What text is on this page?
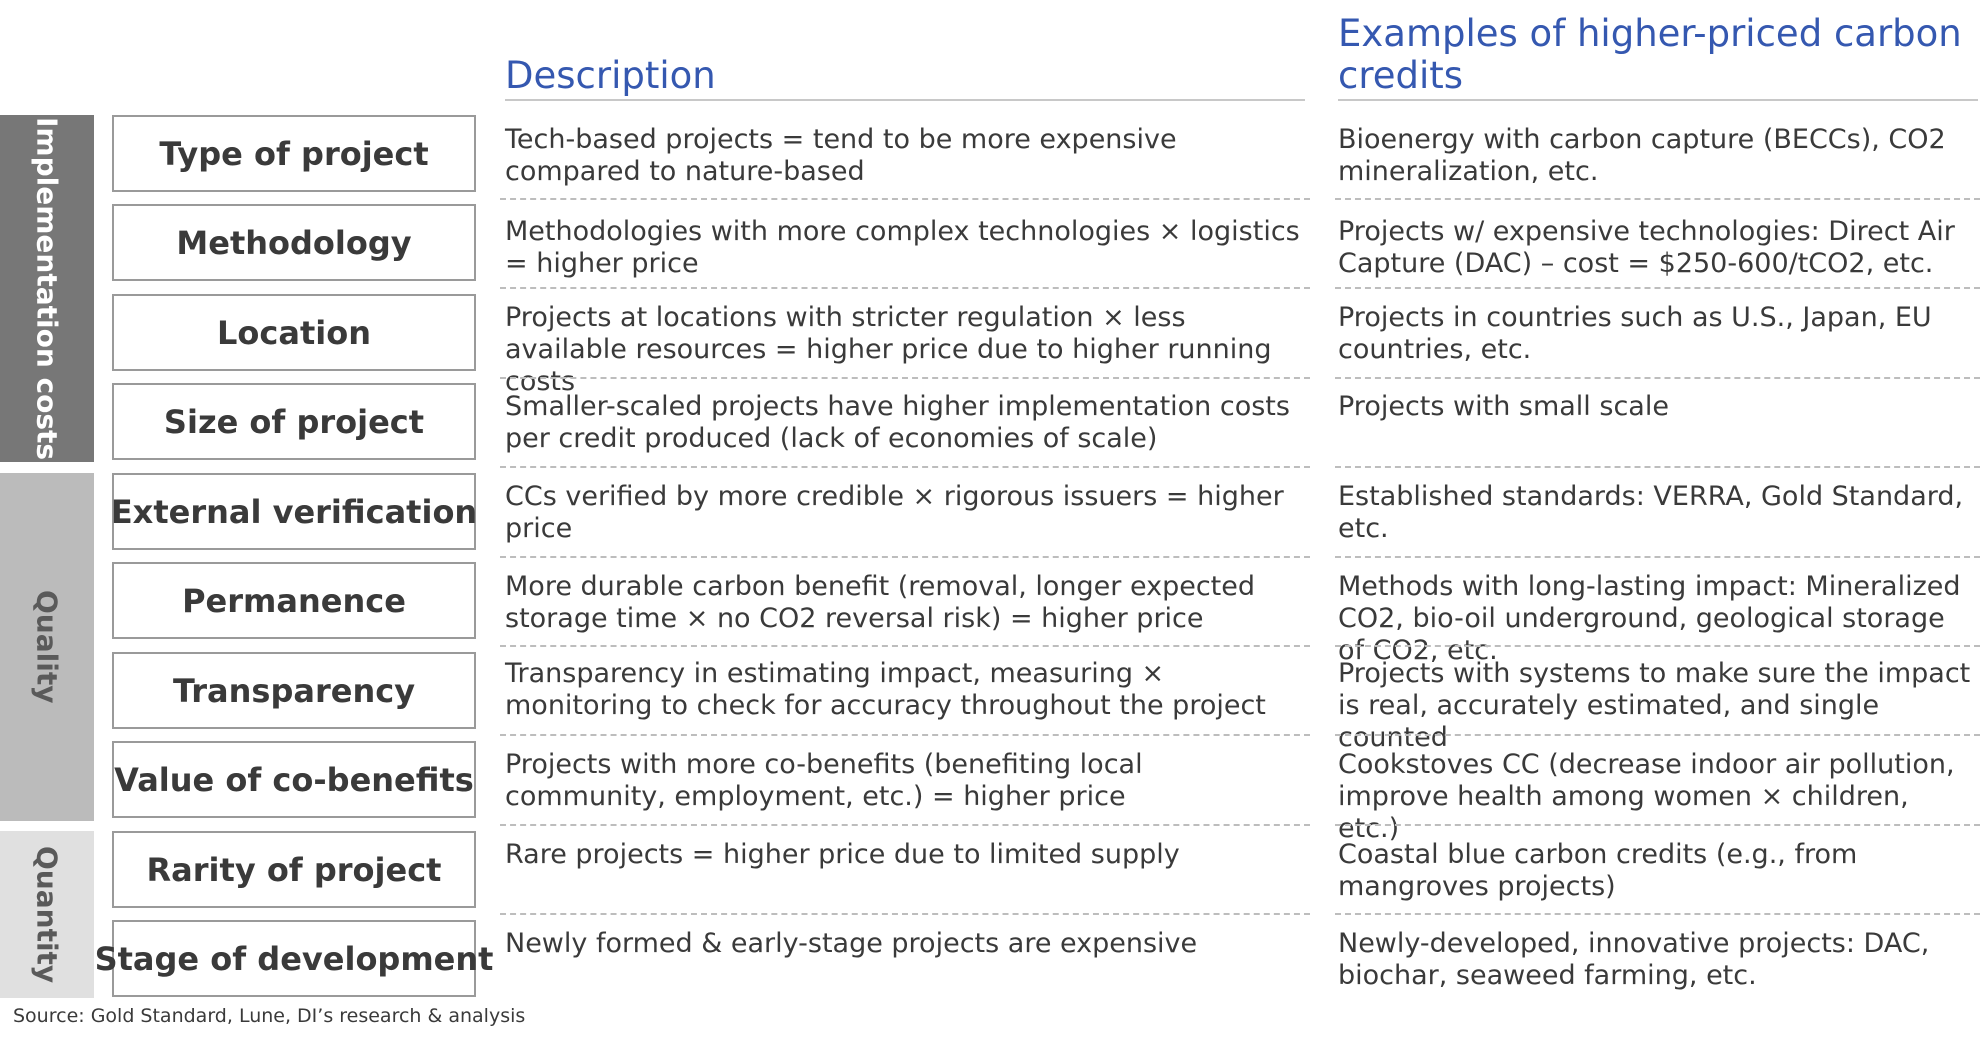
Description
Examples of higher-priced carbon credits
Implementation costs
Quality
Quantity
Type of project
Methodology
Location
Size of project
External verification
Permanence
Transparency
Value of co-benefits
Rarity of project
Stage of development
Tech-based projects = tend to be more expensive compared to nature-based
Methodologies with more complex technologies × logistics = higher price
Projects at locations with stricter regulation × less available resources = higher price due to higher running costs
Smaller-scaled projects have higher implementation costs per credit produced (lack of economies of scale)
CCs verified by more credible × rigorous issuers = higher price
More durable carbon benefit (removal, longer expected storage time × no CO2 reversal risk) = higher price
Transparency in estimating impact, measuring × monitoring to check for accuracy throughout the project
Projects with more co-benefits (benefiting local community, employment, etc.) = higher price
Rare projects = higher price due to limited supply
Newly formed & early-stage projects are expensive
Bioenergy with carbon capture (BECCs), CO2 mineralization, etc.
Projects w/ expensive technologies: Direct Air Capture (DAC) – cost = $250-600/tCO2, etc.
Projects in countries such as U.S., Japan, EU countries, etc.
Projects with small scale
Established standards: VERRA, Gold Standard, etc.
Methods with long-lasting impact: Mineralized CO2, bio-oil underground, geological storage of CO2, etc.
Projects with systems to make sure the impact is real, accurately estimated, and single counted
Cookstoves CC (decrease indoor air pollution, improve health among women × children, etc.)
Coastal blue carbon credits (e.g., from mangroves projects)
Newly-developed, innovative projects: DAC, biochar, seaweed farming, etc.
Source: Gold Standard, Lune, DI’s research & analysis
